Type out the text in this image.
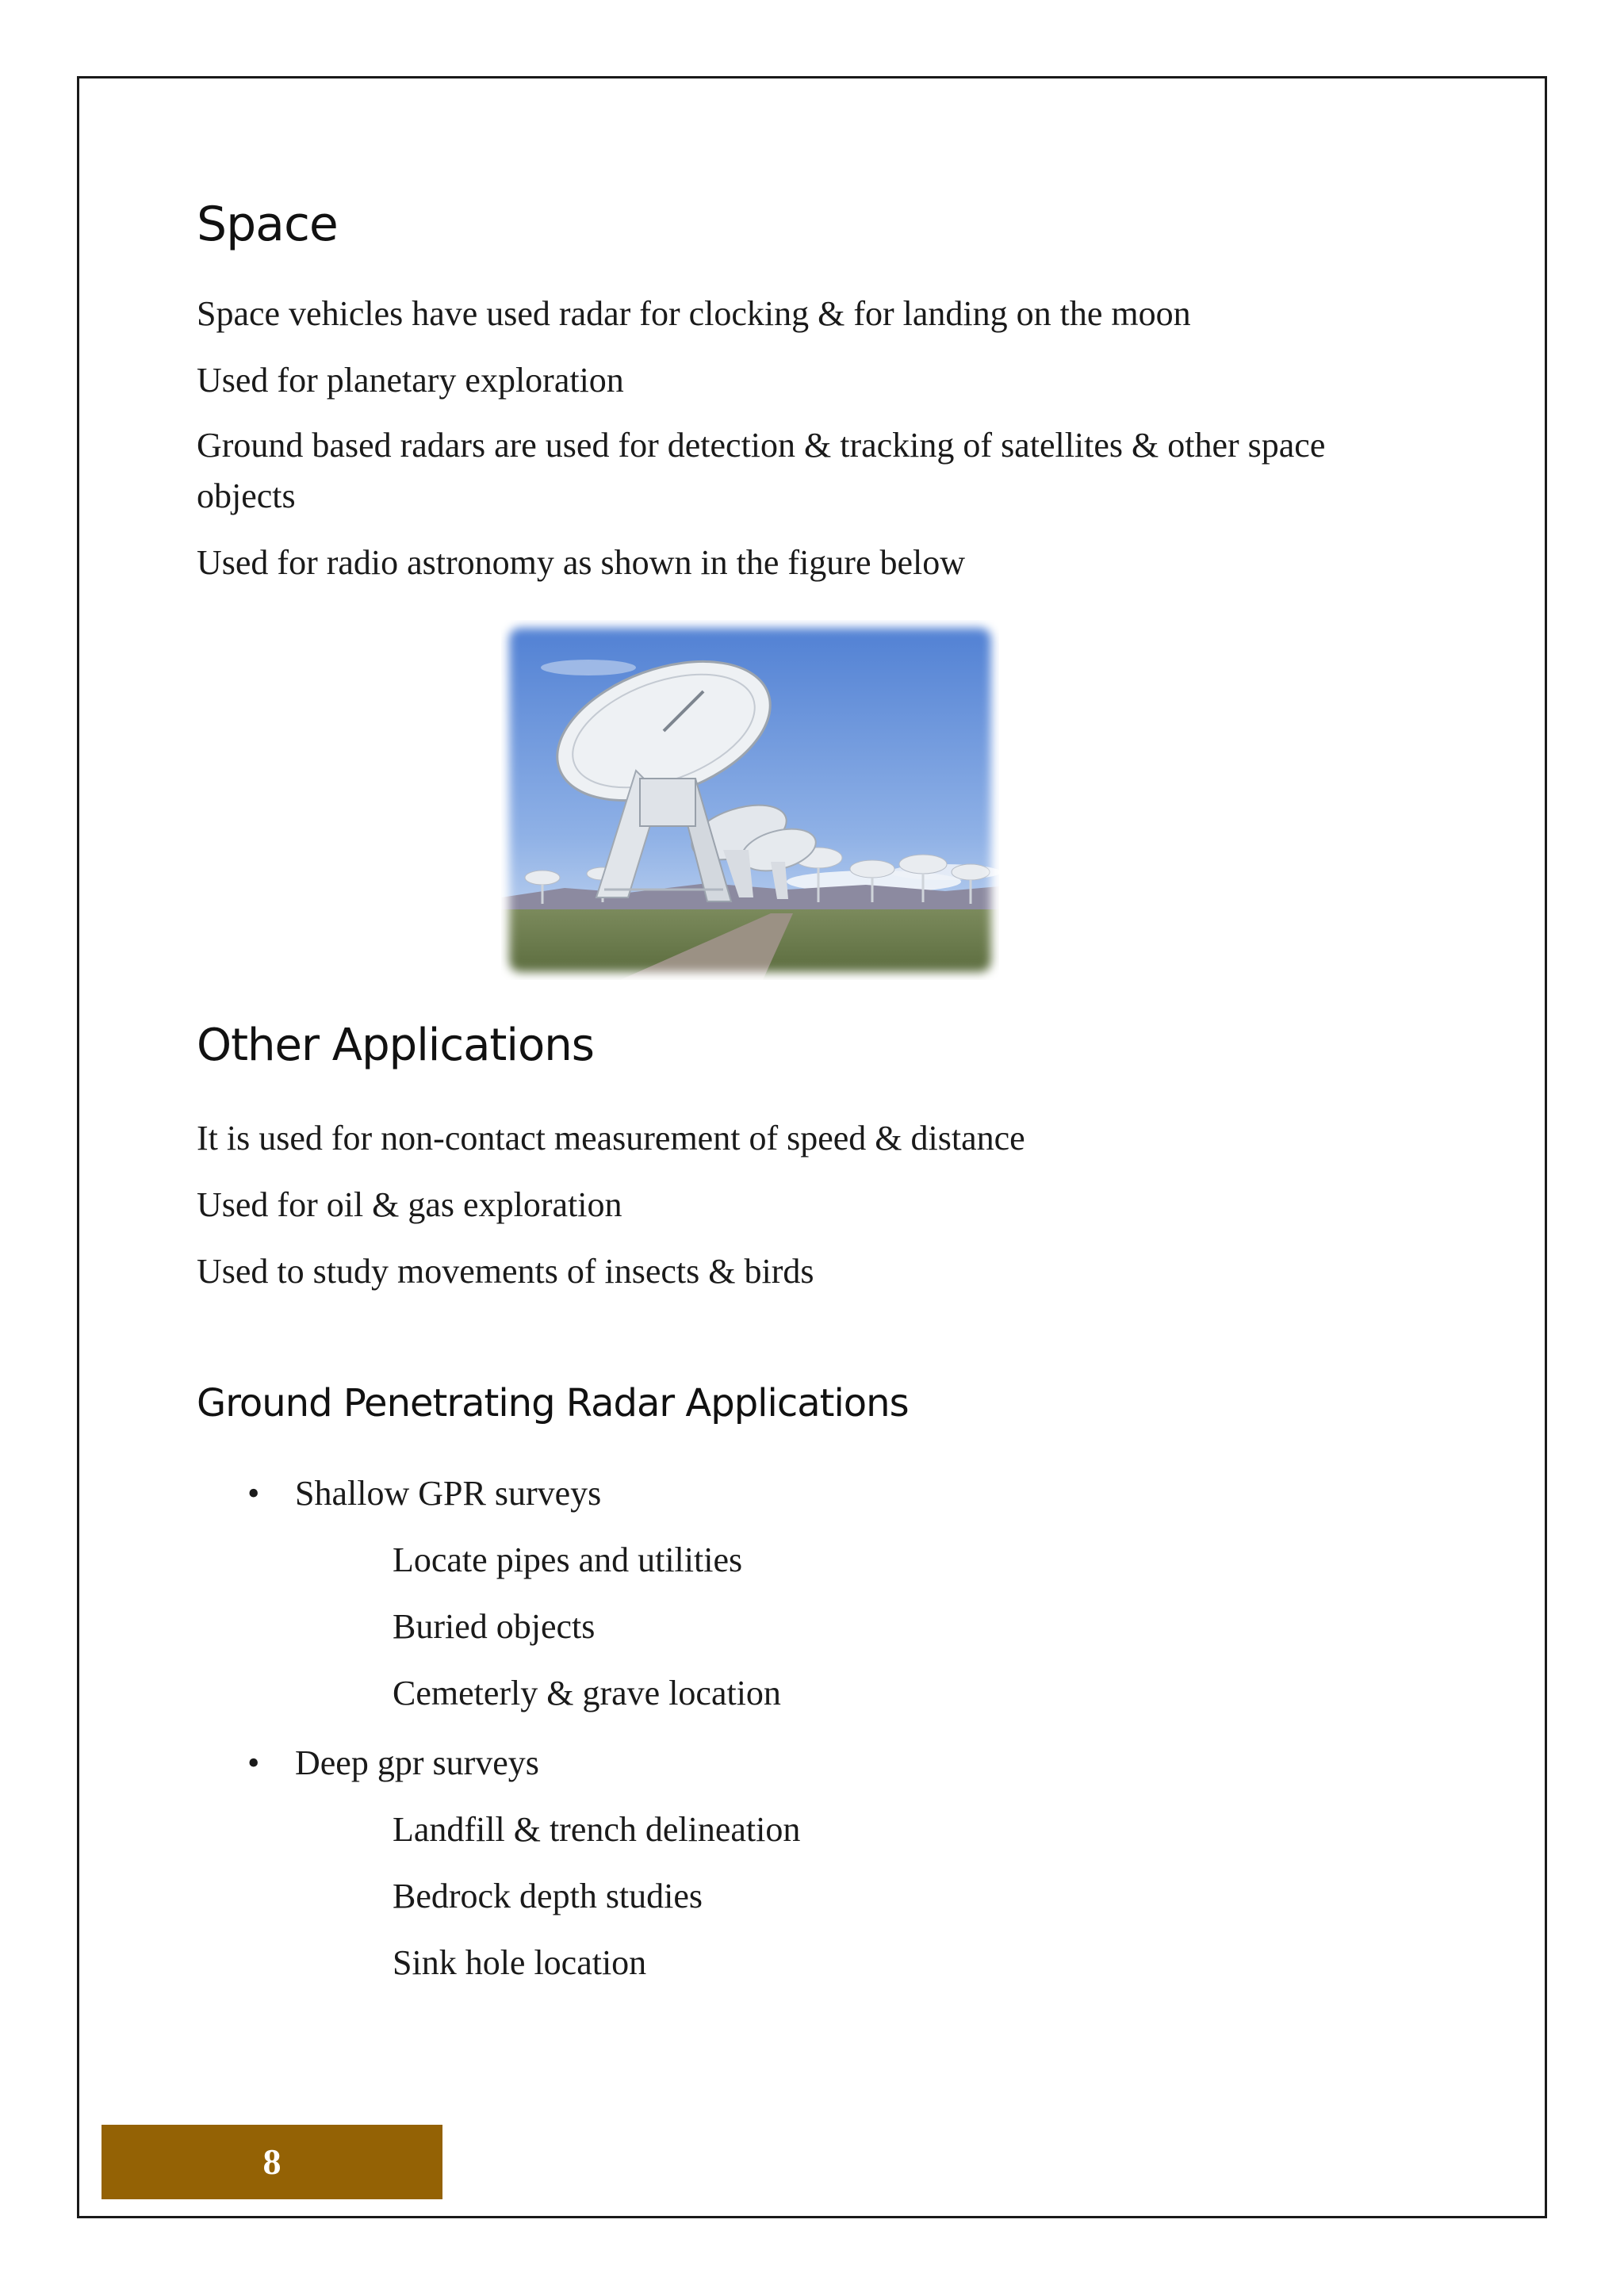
Space

Space vehicles have used radar for clocking & for landing on the moon

Used for planetary exploration

Ground based radars are used for detection & tracking of satellites & other space objects

Used for radio astronomy as shown in the figure below

Other Applications

It is used for non-contact measurement of speed & distance

Used for oil & gas exploration

Used to study movements of insects & birds

Ground Penetrating Radar Applications

• Shallow GPR surveys

Locate pipes and utilities

Buried objects

Cemeterly & grave location

• Deep gpr surveys

Landfill & trench delineation

Bedrock depth studies

Sink hole location

8
